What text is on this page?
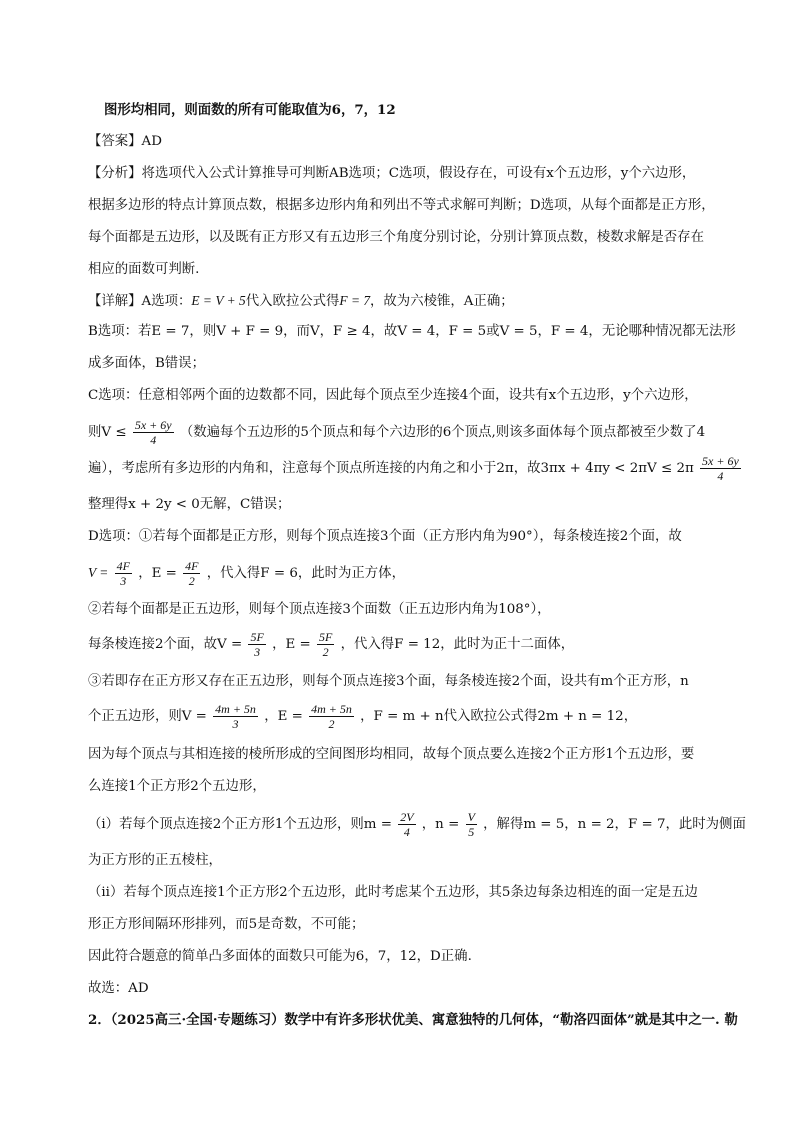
图形均相同，则面数的所有可能取值为6，7，12
【答案】AD
【分析】将选项代入公式计算推导可判断AB选项；C选项，假设存在，可设有x个五边形，y个六边形，
根据多边形的特点计算顶点数，根据多边形内角和列出不等式求解可判断；D选项，从每个面都是正方形，
每个面都是五边形，以及既有正方形又有五边形三个角度分别讨论，分别计算顶点数，棱数求解是否存在
相应的面数可判断.
【详解】A选项：E = V + 5代入欧拉公式得F = 7，故为六棱锥，A正确；
B选项：若E = 7，则V + F = 9，而V，F ≥ 4，故V = 4，F = 5或V = 5，F = 4，无论哪种情况都无法形
成多面体，B错误；
C选项：任意相邻两个面的边数都不同，因此每个顶点至少连接4个面，设共有x个五边形，y个六边形，
则$V \le \frac{5x + 6y}{4}$ （数遍每个五边形的5个顶点和每个六边形的6个顶点,则该多面体每个顶点都被至少数了4
遍），考虑所有多边形的内角和，注意每个顶点所连接的内角之和小于2π，故$3\pi x + 4\pi y < 2\pi V \le 2\pi \frac{5x + 6y}{4}$
整理得x + 2y < 0无解，C错误；
D选项：①若每个面都是正方形，则每个顶点连接3个面（正方形内角为90°），每条棱连接2个面，故
$V = \frac{4F}{3}$ ，$E = \frac{4F}{2}$ ，代入得F = 6，此时为正方体，
②若每个面都是正五边形，则每个顶点连接3个面数（正五边形内角为108°），
每条棱连接2个面，故$V = \frac{5F}{3}$ ，$E = \frac{5F}{2}$ ，代入得F = 12，此时为正十二面体，
③若即存在正方形又存在正五边形，则每个顶点连接3个面，每条棱连接2个面，设共有m个正方形，n
个正五边形，则$V = \frac{4m + 5n}{3}$ ，$E = \frac{4m + 5n}{2}$ ，F = m + n代入欧拉公式得2m + n = 12，
因为每个顶点与其相连接的棱所形成的空间图形均相同，故每个顶点要么连接2个正方形1个五边形，要
么连接1个正方形2个五边形，
（i）若每个顶点连接2个正方形1个五边形，则$m = \frac{2V}{4}$ ，$n = \frac{V}{5}$ ，解得m = 5，n = 2，F = 7，此时为侧面
为正方形的正五棱柱，
（ii）若每个顶点连接1个正方形2个五边形，此时考虑某个五边形，其5条边每条边相连的面一定是五边
形正方形间隔环形排列，而5是奇数，不可能；
因此符合题意的简单凸多面体的面数只可能为6，7，12，D正确.
故选：AD
2．（2025高三·全国·专题练习）数学中有许多形状优美、寓意独特的几何体，“勒洛四面体”就是其中之一. 勒
